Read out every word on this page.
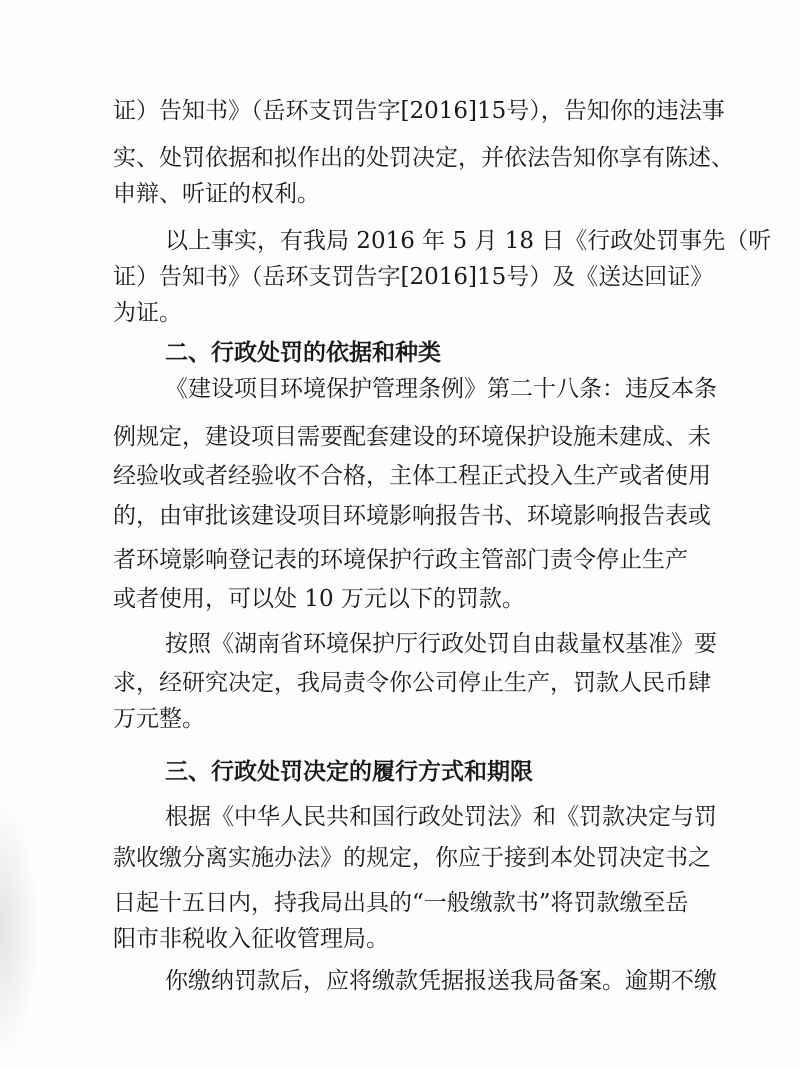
证）告知书》（岳环支罚告字[2016]15号），告知你的违法事
实、处罚依据和拟作出的处罚决定，并依法告知你享有陈述、
申辩、听证的权利。
以上事实，有我局 2016 年 5 月 18 日《行政处罚事先（听
证）告知书》（岳环支罚告字[2016]15号）及《送达回证》
为证。
二、行政处罚的依据和种类
《建设项目环境保护管理条例》第二十八条：违反本条
例规定，建设项目需要配套建设的环境保护设施未建成、未
经验收或者经验收不合格，主体工程正式投入生产或者使用
的，由审批该建设项目环境影响报告书、环境影响报告表或
者环境影响登记表的环境保护行政主管部门责令停止生产
或者使用，可以处 10 万元以下的罚款。
按照《湖南省环境保护厅行政处罚自由裁量权基准》要
求，经研究决定，我局责令你公司停止生产，罚款人民币肆
万元整。
三、行政处罚决定的履行方式和期限
根据《中华人民共和国行政处罚法》和《罚款决定与罚
款收缴分离实施办法》的规定，你应于接到本处罚决定书之
日起十五日内，持我局出具的“一般缴款书”将罚款缴至岳
阳市非税收入征收管理局。
你缴纳罚款后，应将缴款凭据报送我局备案。逾期不缴
